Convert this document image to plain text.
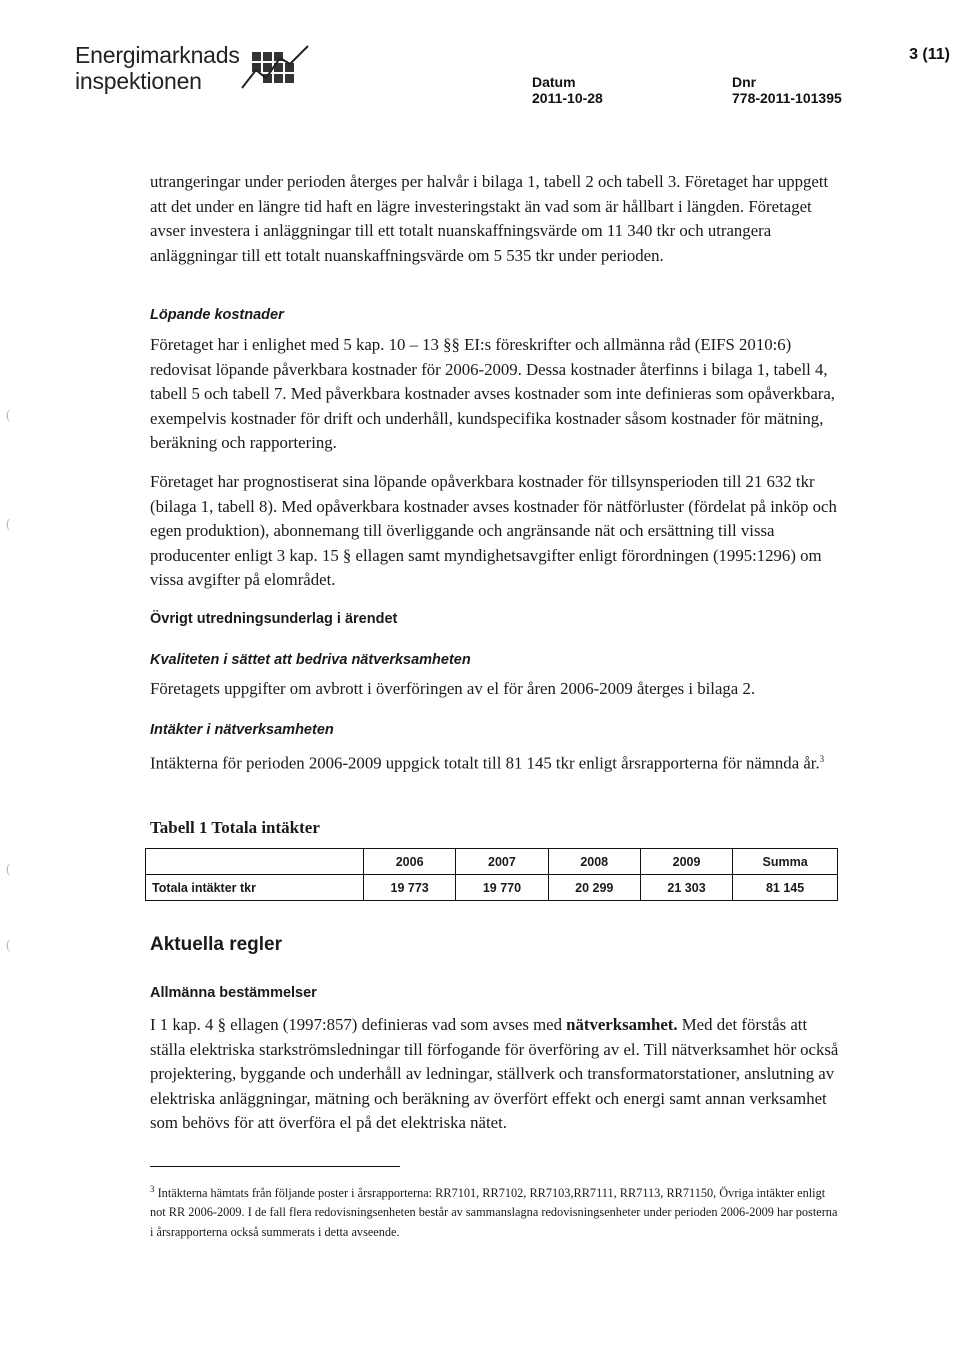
Energimarknads
inspektionen	Datum
2011-10-28
Dnr
778-2011-101395
3 (11)

utrangeringar under perioden återges per halvår i bilaga 1, tabell 2 och tabell 3. Företaget har uppgett att det under en längre tid haft en lägre investeringstakt än vad som är hållbart i längden. Företaget avser investera i anläggningar till ett totalt nuanskaffningsvärde om 11 340 tkr och utrangera anläggningar till ett totalt nuanskaffningsvärde om 5 535 tkr under perioden.

Löpande kostnader

Företaget har i enlighet med 5 kap. 10 – 13 §§ EI:s föreskrifter och allmänna råd (EIFS 2010:6) redovisat löpande påverkbara kostnader för 2006-2009. Dessa kostnader återfinns i bilaga 1, tabell 4, tabell 5 och tabell 7. Med påverkbara kostnader avses kostnader som inte definieras som opåverkbara, exempelvis kostnader för drift och underhåll, kundspecifika kostnader såsom kostnader för mätning, beräkning och rapportering.

Företaget har prognostiserat sina löpande opåverkbara kostnader för tillsynsperioden till 21 632 tkr (bilaga 1, tabell 8). Med opåverkbara kostnader avses kostnader för nätförluster (fördelat på inköp och egen produktion), abonnemang till överliggande och angränsande nät och ersättning till vissa producenter enligt 3 kap. 15 § ellagen samt myndighetsavgifter enligt förordningen (1995:1296) om vissa avgifter på elområdet.

Övrigt utredningsunderlag i ärendet
Kvaliteten i sättet att bedriva nätverksamheten

Företagets uppgifter om avbrott i överföringen av el för åren 2006-2009 återges i bilaga 2.

Intäkter i nätverksamheten

Intäkterna för perioden 2006-2009 uppgick totalt till 81 145 tkr enligt årsrapporterna för nämnda år.$^3$

Tabell 1 Totala intäkter
	2006	2007	2008	2009	Summa
Totala intäkter tkr	19 773	19 770	20 299	21 303	81 145
Aktuella regler
Allmänna bestämmelser

I 1 kap. 4 § ellagen (1997:857) definieras vad som avses med nätverksamhet. Med det förstås att ställa elektriska starkströmsledningar till förfogande för överföring av el. Till nätverksamhet hör också projektering, byggande och underhåll av ledningar, ställverk och transformatorstationer, anslutning av elektriska anläggningar, mätning och beräkning av överfört effekt och energi samt annan verksamhet som behövs för att överföra el på det elektriska nätet.

$^3$ Intäkterna hämtats från följande poster i årsrapporterna: RR7101, RR7102, RR7103,RR7111, RR7113, RR71150, Övriga intäkter enligt not RR 2006-2009. I de fall flera redovisningsenheten består av sammanslagna redovisningsenheter under perioden 2006-2009 har posterna i årsrapporterna också summerats i detta avseende.
(
(
(
(
